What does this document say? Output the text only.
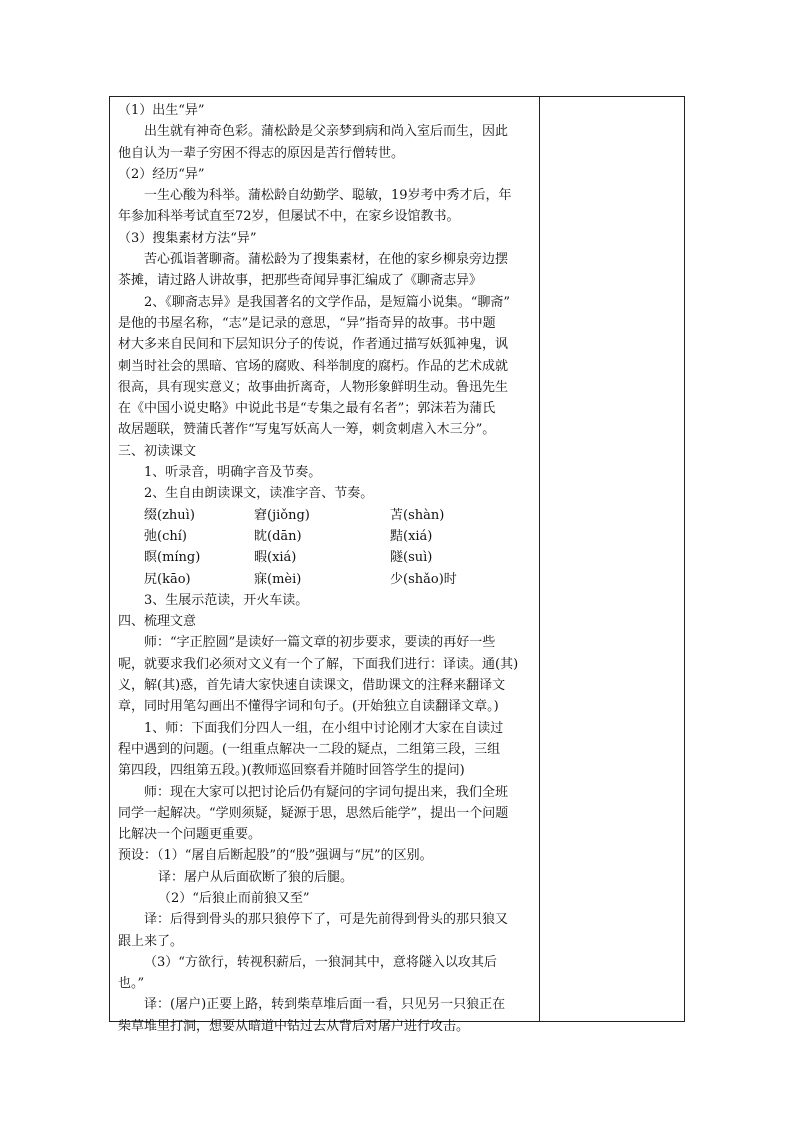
（1）出生“异”
出生就有神奇色彩。蒲松龄是父亲梦到病和尚入室后而生，因此
他自认为一辈子穷困不得志的原因是苦行僧转世。
（2）经历“异”
一生心酸为科举。蒲松龄自幼勤学、聪敏，19岁考中秀才后，年
年参加科举考试直至72岁，但屡试不中，在家乡设馆教书。
（3）搜集素材方法“异”
苦心孤诣著聊斋。蒲松龄为了搜集素材，在他的家乡柳泉旁边摆
茶摊，请过路人讲故事，把那些奇闻异事汇编成了《聊斋志异》
2、《聊斋志异》是我国著名的文学作品，是短篇小说集。“聊斋”
是他的书屋名称，“志”是记录的意思，“异”指奇异的故事。书中题
材大多来自民间和下层知识分子的传说，作者通过描写妖狐神鬼，讽
刺当时社会的黑暗、官场的腐败、科举制度的腐朽。作品的艺术成就
很高，具有现实意义；故事曲折离奇，人物形象鲜明生动。鲁迅先生
在《中国小说史略》中说此书是“专集之最有名者”；郭沫若为蒲氏
故居题联，赞蒲氏著作“写鬼写妖高人一筹，刺贪刺虐入木三分”。
三、初读课文
1、听录音，明确字音及节奏。
2、生自由朗读课文，读准字音、节奏。
缀(zhuì)	窘(jiǒng)	苫(shàn)
弛(chí)	眈(dān)	黠(xiá)
瞑(míng)	暇(xiá)	隧(suì)
尻(kāo)	寐(mèi)	少(shǎo)时
3、生展示范读，开火车读。
四、梳理文意
师：“字正腔圆”是读好一篇文章的初步要求，要读的再好一些
呢，就要求我们必须对文义有一个了解，下面我们进行：译读。通(其)
义，解(其)惑，首先请大家快速自读课文，借助课文的注释来翻译文
章，同时用笔勾画出不懂得字词和句子。(开始独立自读翻译文章。)
1、师：下面我们分四人一组，在小组中讨论刚才大家在自读过
程中遇到的问题。(一组重点解决一二段的疑点，二组第三段，三组
第四段，四组第五段。)(教师巡回察看并随时回答学生的提问)
师：现在大家可以把讨论后仍有疑问的字词句提出来，我们全班
同学一起解决。“学则须疑，疑源于思，思然后能学”，提出一个问题
比解决一个问题更重要。
预设：（1）“屠自后断起股”的“股”强调与“尻”的区别。
译：屠户从后面砍断了狼的后腿。
（2）“后狼止而前狼又至”
译：后得到骨头的那只狼停下了，可是先前得到骨头的那只狼又
跟上来了。
（3）“方欲行，转视积薪后，一狼洞其中，意将隧入以攻其后
也。”
译：(屠户)正要上路，转到柴草堆后面一看，只见另一只狼正在
柴草堆里打洞，想要从暗道中钻过去从背后对屠户进行攻击。
